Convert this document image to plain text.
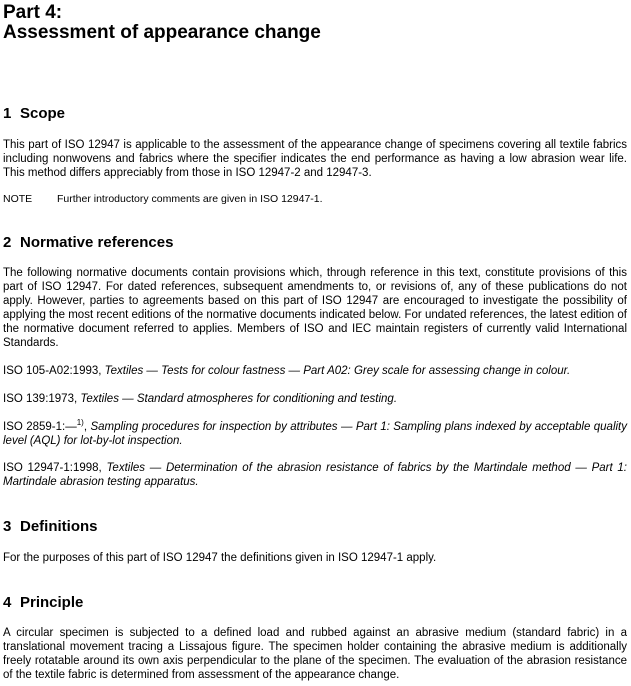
Part 4:
Assessment of appearance change
1 Scope

This part of ISO 12947 is applicable to the assessment of the appearance change of specimens covering all textile fabrics including nonwovens and fabrics where the specifier indicates the end performance as having a low abrasion wear life. This method differs appreciably from those in ISO 12947-2 and 12947-3.

NOTE Further introductory comments are given in ISO 12947-1.

2 Normative references

The following normative documents contain provisions which, through reference in this text, constitute provisions of this part of ISO 12947. For dated references, subsequent amendments to, or revisions of, any of these publications do not apply. However, parties to agreements based on this part of ISO 12947 are encouraged to investigate the possibility of applying the most recent editions of the normative documents indicated below. For undated references, the latest edition of the normative document referred to applies. Members of ISO and IEC maintain registers of currently valid International Standards.

ISO 105-A02:1993, Textiles — Tests for colour fastness — Part A02: Grey scale for assessing change in colour.

ISO 139:1973, Textiles — Standard atmospheres for conditioning and testing.

ISO 2859-1:—$^{1)}$, Sampling procedures for inspection by attributes — Part 1: Sampling plans indexed by acceptable quality level (AQL) for lot-by-lot inspection.

ISO 12947-1:1998, Textiles — Determination of the abrasion resistance of fabrics by the Martindale method — Part 1: Martindale abrasion testing apparatus.

3 Definitions

For the purposes of this part of ISO 12947 the definitions given in ISO 12947-1 apply.

4 Principle

A circular specimen is subjected to a defined load and rubbed against an abrasive medium (standard fabric) in a translational movement tracing a Lissajous figure. The specimen holder containing the abrasive medium is additionally freely rotatable around its own axis perpendicular to the plane of the specimen. The evaluation of the abrasion resistance of the textile fabric is determined from assessment of the appearance change.
